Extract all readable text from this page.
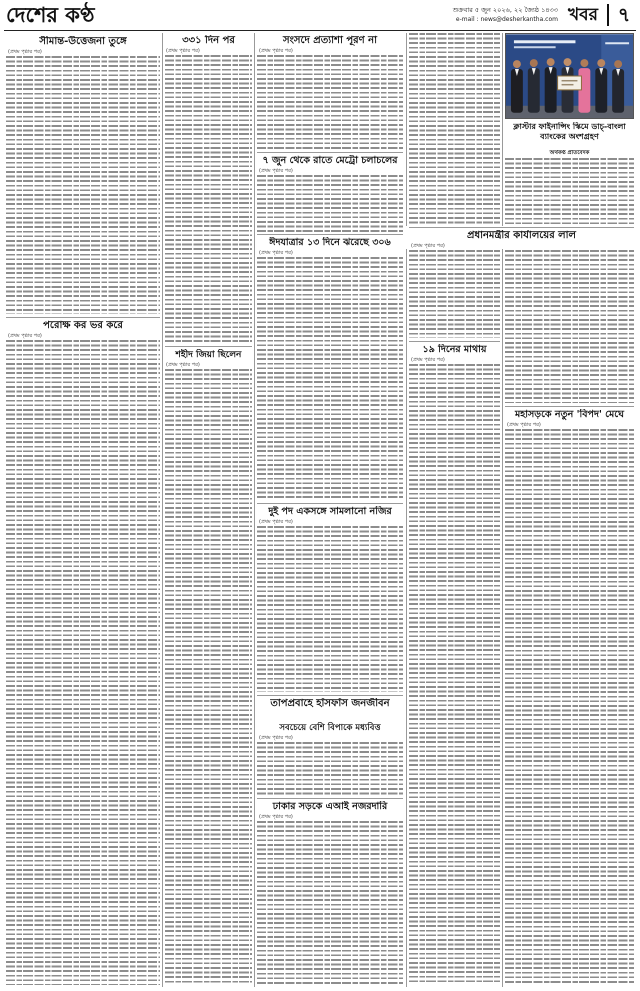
দেশের কণ্ঠ	শুক্রবার ৫ জুন ২০২৬, ২২ জ্যৈষ্ঠ ১৪৩৩
e-mail : news@desherkantha.com খবর	৭
সীমান্ত-উত্তেজনা তুঙ্গে
(প্রথম পৃষ্ঠার পর)
পরোক্ষ কর ভর করে
(প্রথম পৃষ্ঠার পর)
৩৩১ দিন পর
(প্রথম পৃষ্ঠার পর)
শহীদ জিয়া ছিলেন
(প্রথম পৃষ্ঠার পর)
সংসদে প্রত্যাশা পূরণ না
(প্রথম পৃষ্ঠার পর)
৭ জুন থেকে রাতে মেট্রো চলাচলের
(প্রথম পৃষ্ঠার পর)
ঈদযাত্রার ১৩ দিনে ঝরেছে ৩০৬
(প্রথম পৃষ্ঠার পর)
দুই পদ একসঙ্গে সামলানো নজির
(প্রথম পৃষ্ঠার পর)
তাপপ্রবাহে হাঁসফাঁস জনজীবন
সবচেয়ে বেশি বিপাকে মধ্যবিত্ত
(প্রথম পৃষ্ঠার পর)
ঢাকার সড়কে এআই নজরদারি
(প্রথম পৃষ্ঠার পর)
ক্লাস্টার ফাইনান্সিং স্কিমে ডাচ্-বাংলা ব্যাংকের অংশগ্রহণ
অর্থকণ্ঠ প্রতিবেদক
প্রধানমন্ত্রীর কার্যালয়ের লাল
(প্রথম পৃষ্ঠার পর)
১৯ দিনের মাথায়
(প্রথম পৃষ্ঠার পর)
মহাসড়কে নতুন 'বিপদ' মেঘে
(প্রথম পৃষ্ঠার পর)
